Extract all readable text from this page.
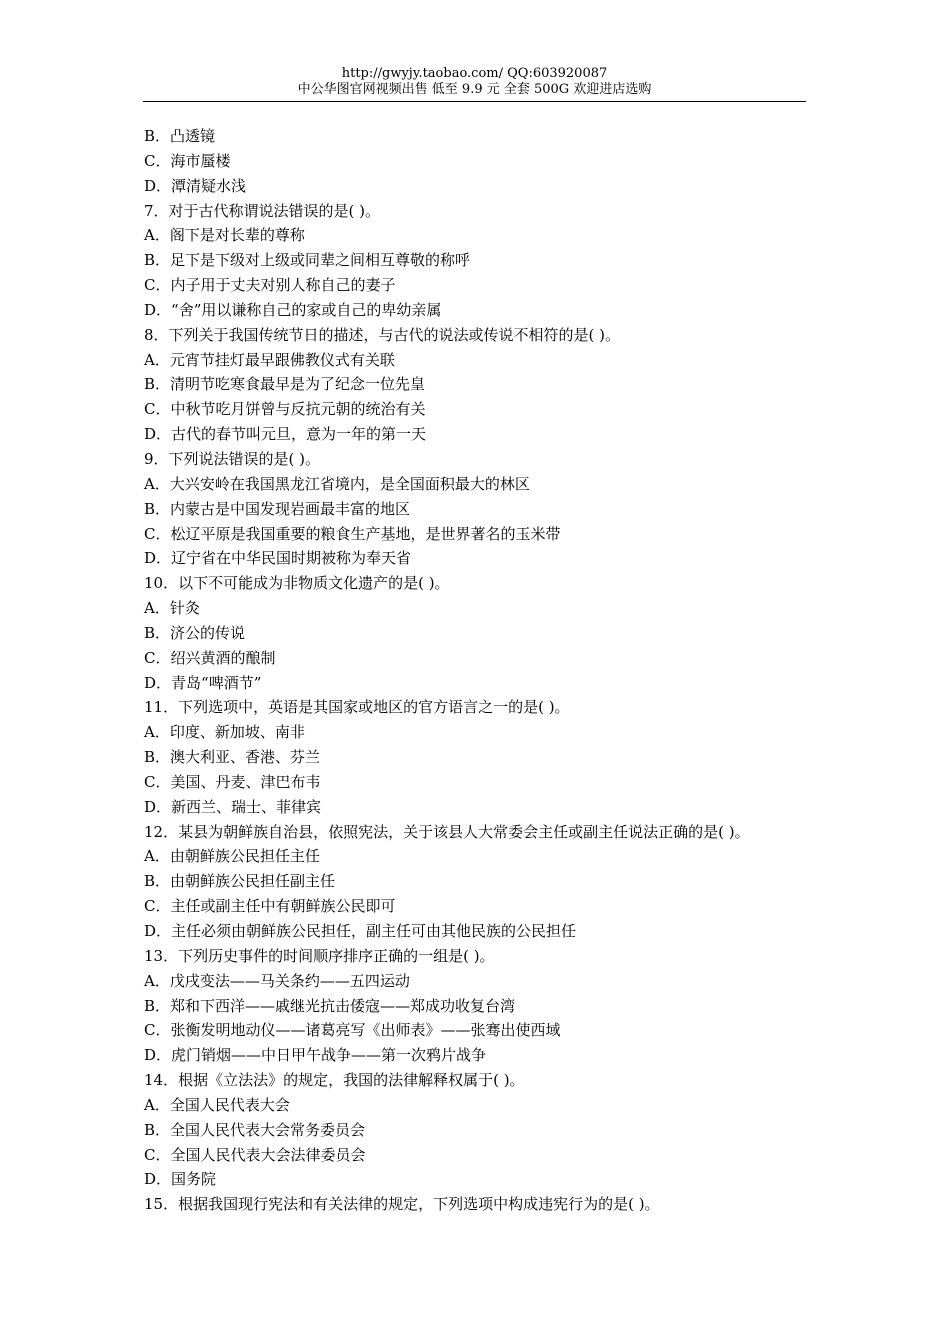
http://gwyjy.taobao.com/ QQ:603920087
中公华图官网视频出售 低至 9.9 元 全套 500G 欢迎进店选购
B．凸透镜
C．海市蜃楼
D．潭清疑水浅
7．对于古代称谓说法错误的是( )。
A．阁下是对长辈的尊称
B．足下是下级对上级或同辈之间相互尊敬的称呼
C．内子用于丈夫对别人称自己的妻子
D．“舍”用以谦称自己的家或自己的卑幼亲属
8．下列关于我国传统节日的描述，与古代的说法或传说不相符的是( )。
A．元宵节挂灯最早跟佛教仪式有关联
B．清明节吃寒食最早是为了纪念一位先皇
C．中秋节吃月饼曾与反抗元朝的统治有关
D．古代的春节叫元旦，意为一年的第一天
9．下列说法错误的是( )。
A．大兴安岭在我国黑龙江省境内，是全国面积最大的林区
B．内蒙古是中国发现岩画最丰富的地区
C．松辽平原是我国重要的粮食生产基地，是世界著名的玉米带
D．辽宁省在中华民国时期被称为奉天省
10．以下不可能成为非物质文化遗产的是( )。
A．针灸
B．济公的传说
C．绍兴黄酒的酿制
D．青岛“啤酒节”
11．下列选项中，英语是其国家或地区的官方语言之一的是( )。
A．印度、新加坡、南非
B．澳大利亚、香港、芬兰
C．美国、丹麦、津巴布韦
D．新西兰、瑞士、菲律宾
12．某县为朝鲜族自治县，依照宪法，关于该县人大常委会主任或副主任说法正确的是( )。
A．由朝鲜族公民担任主任
B．由朝鲜族公民担任副主任
C．主任或副主任中有朝鲜族公民即可
D．主任必须由朝鲜族公民担任，副主任可由其他民族的公民担任
13．下列历史事件的时间顺序排序正确的一组是( )。
A．戊戌变法——马关条约——五四运动
B．郑和下西洋——戚继光抗击倭寇——郑成功收复台湾
C．张衡发明地动仪——诸葛亮写《出师表》——张骞出使西域
D．虎门销烟——中日甲午战争——第一次鸦片战争
14．根据《立法法》的规定，我国的法律解释权属于( )。
A．全国人民代表大会
B．全国人民代表大会常务委员会
C．全国人民代表大会法律委员会
D．国务院
15．根据我国现行宪法和有关法律的规定，下列选项中构成违宪行为的是( )。
